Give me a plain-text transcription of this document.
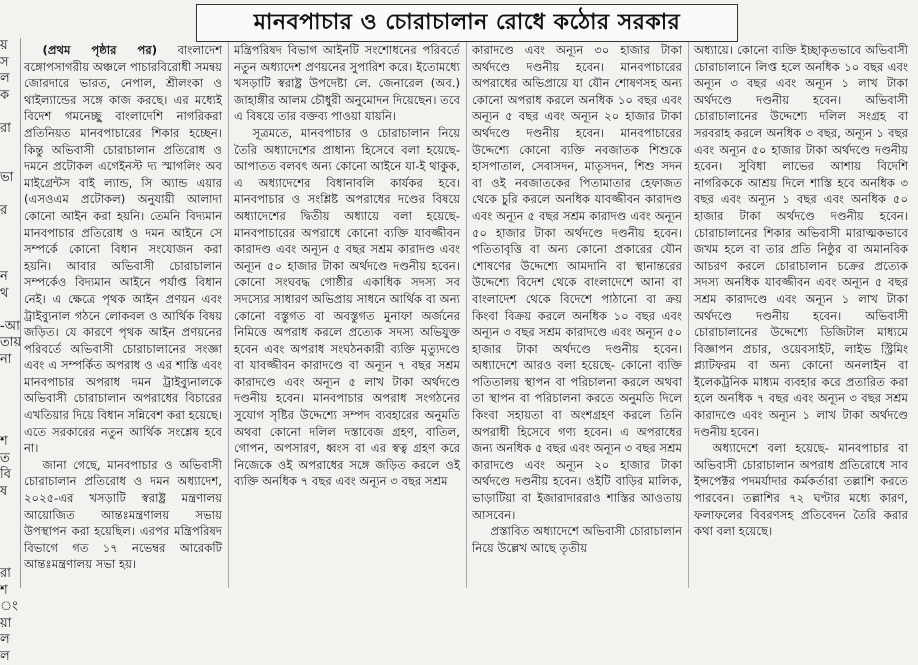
মানবপাচার ও চোরাচালান রোধে কঠোর সরকার
য়
স
ল
ক

রা

ভা

র

ন
থ

-আ
তায়
না

শ
ত
বি
ষ

রা
শ
ং
য়া
ল
ল

(প্রথম পৃষ্ঠার পর) বাংলাদেশ বঙ্গোপসাগরীয় অঞ্চলে পাচারবিরোধী সমন্বয় জোরদারে ভারত, নেপাল, শ্রীলংকা ও থাইল্যান্ডের সঙ্গে কাজ করছে। এর মধ্যেই বিদেশ গমনেচ্ছু বাংলাদেশি নাগরিকরা প্রতিনিয়ত মানবপাচারের শিকার হচ্ছেন। কিন্তু অভিবাসী চোরাচালান প্রতিরোধ ও দমনে প্রটোকল এগেইনস্ট দ্য স্মাগলিং অব মাইগ্রেন্টস বাই ল্যান্ড, সি অ্যান্ড এয়ার (এসওএম প্রটোকল) অনুযায়ী আলাদা কোনো আইন করা হয়নি। তেমনি বিদ্যমান মানবপাচার প্রতিরোধ ও দমন আইনে সে সম্পর্কে কোনো বিধান সংযোজন করা হয়নি। আবার অভিবাসী চোরাচালান সম্পর্কেও বিদ্যমান আইনে পর্যাপ্ত বিধান নেই। এ ক্ষেত্রে পৃথক আইন প্রণয়ন এবং ট্রাইব্যুনাল গঠনে লোকবল ও আর্থিক বিষয় জড়িত। যে কারণে পৃথক আইন প্রণয়নের পরিবর্তে অভিবাসী চোরাচালানের সংজ্ঞা এবং এ সম্পর্কিত অপরাধ ও এর শাস্তি এবং মানবপাচার অপরাধ দমন ট্রাইব্যুনালকে অভিবাসী চোরাচালান অপরাধের বিচারের এখতিয়ার দিয়ে বিধান সন্নিবেশ করা হয়েছে। এতে সরকারের নতুন আর্থিক সংশ্লেষ হবে না।

জানা গেছে, মানবপাচার ও অভিবাসী চোরাচালান প্রতিরোধ ও দমন অধ্যাদেশ, ২০২৫-এর খসড়াটি স্বরাষ্ট্র মন্ত্রণালয় আয়োজিত আন্তঃমন্ত্রণালয় সভায় উপস্থাপন করা হয়েছিল। এরপর মন্ত্রিপরিষদ বিভাগে গত ১৭ নভেম্বর আরেকটি আন্তঃমন্ত্রণালয় সভা হয়।

মন্ত্রিপরিষদ বিভাগ আইনটি সংশোধনের পরিবর্তে নতুন অধ্যাদেশ প্রণয়নের সুপারিশ করে। ইতোমধ্যে খসড়াটি স্বরাষ্ট্র উপদেষ্টা লে. জেনারেল (অব.) জাহাঙ্গীর আলম চৌধুরী অনুমোদন দিয়েছেন। তবে এ বিষয়ে তার বক্তব্য পাওয়া যায়নি।

সূত্রমতে, মানবপাচার ও চোরাচালান নিয়ে তৈরি অধ্যাদেশের প্রাধান্য হিসেবে বলা হয়েছে- আপাতত বলবৎ অন্য কোনো আইনে যা-ই থাকুক, এ অধ্যাদেশের বিধানাবলি কার্যকর হবে। মানবপাচার ও সংশ্লিষ্ট অপরাধের দণ্ডের বিষয়ে অধ্যাদেশের দ্বিতীয় অধ্যায়ে বলা হয়েছে- মানবপাচারের অপরাধে কোনো ব্যক্তি যাবজ্জীবন কারাদণ্ড এবং অন্যূন ৫ বছর সশ্রম কারাদণ্ড এবং অন্যূন ৫০ হাজার টাকা অর্থদণ্ডে দণ্ডনীয় হবেন। কোনো সংঘবদ্ধ গোষ্ঠীর একাধিক সদস্য সব সদস্যের সাধারণ অভিপ্রায় সাধনে আর্থিক বা অন্য কোনো বস্তুগত বা অবস্তুগত মুনাফা অর্জনের নিমিত্তে অপরাধ করলে প্রত্যেক সদস্য অভিযুক্ত হবেন এবং অপরাধ সংঘঠনকারী ব্যক্তি মৃত্যুদণ্ডে বা যাবজ্জীবন কারাদণ্ডে বা অন্যূন ৭ বছর সশ্রম কারাদণ্ডে এবং অন্যূন ৫ লাখ টাকা অর্থদণ্ডে দণ্ডনীয় হবেন। মানবপাচার অপরাধ সংগঠনের সুযোগ সৃষ্টির উদ্দেশ্যে সম্পদ ব্যবহারের অনুমতি অথবা কোনো দলিল দস্তাবেজ গ্রহণ, বাতিল, গোপন, অপসারণ, ধ্বংস বা এর স্বত্ব গ্রহণ করে নিজেকে ওই অপরাধের সঙ্গে জড়িত করলে ওই ব্যক্তি অনধিক ৭ বছর এবং অন্যূন ৩ বছর সশ্রম

কারাদণ্ডে এবং অন্যূন ৩০ হাজার টাকা অর্থদণ্ডে দণ্ডনীয় হবেন। মানবপাচারের অপরাধের অভিপ্রায়ে যা যৌন শোষণসহ অন্য কোনো অপরাধ করলে অনধিক ১০ বছর এবং অন্যূন ৫ বছর এবং অন্যূন ২০ হাজার টাকা অর্থদণ্ডে দণ্ডনীয় হবেন। মানবপাচারের উদ্দেশ্যে কোনো ব্যক্তি নবজাতক শিশুকে হাসপাতাল, সেবাসদন, মাতৃসদন, শিশু সদন বা ওই নবজাতকের পিতামাতার হেফাজত থেকে চুরি করলে অনধিক যাবজ্জীবন কারাদণ্ড এবং অন্যূন ৫ বছর সশ্রম কারাদণ্ড এবং অন্যূন ৫০ হাজার টাকা অর্থদণ্ডে দণ্ডনীয় হবেন। পতিতাবৃত্তি বা অন্য কোনো প্রকারের যৌন শোষণের উদ্দেশ্যে আমদানি বা স্থানান্তরের উদ্দেশ্যে বিদেশ থেকে বাংলাদেশে আনা বা বাংলাদেশ থেকে বিদেশে পাঠানো বা ক্রয় কিংবা বিক্রয় করলে অনধিক ১০ বছর এবং অন্যূন ৩ বছর সশ্রম কারাদণ্ডে এবং অন্যূন ৫০ হাজার টাকা অর্থদণ্ডে দণ্ডনীয় হবেন। অধ্যাদেশে আরও বলা হয়েছে- কোনো ব্যক্তি পতিতালয় স্থাপন বা পরিচালনা করলে অথবা তা স্থাপন বা পরিচালনা করতে অনুমতি দিলে কিংবা সহায়তা বা অংশগ্রহণ করলে তিনি অপরাধী হিসেবে গণ্য হবেন। এ অপরাধের জন্য অনধিক ৫ বছর এবং অন্যূন ৩ বছর সশ্রম কারাদণ্ডে এবং অন্যূন ২০ হাজার টাকা অর্থদণ্ডে দণ্ডনীয় হবেন। ওইটি বাড়ির মালিক, ভাড়াটিয়া বা ইজারাদাররাও শাস্তির আওতায় আসবেন।

প্রস্তাবিত অধ্যাদেশে অভিবাসী চোরাচালান নিয়ে উল্লেখ আছে তৃতীয়

অধ্যায়ে। কোনো ব্যক্তি ইচ্ছাকৃতভাবে অভিবাসী চোরাচালানে লিপ্ত হলে অনধিক ১০ বছর এবং অন্যূন ৩ বছর এবং অন্যূন ১ লাখ টাকা অর্থদণ্ডে দণ্ডনীয় হবেন। অভিবাসী চোরাচালানের উদ্দেশ্যে দলিল সংগ্রহ বা সরবরাহ করলে অনধিক ৩ বছর, অন্যূন ১ বছর এবং অন্যূন ৫০ হাজার টাকা অর্থদণ্ডে দণ্ডনীয় হবেন। সুবিধা লাভের আশায় বিদেশি নাগরিককে আশ্রয় দিলে শাস্তি হবে অনধিক ৩ বছর এবং অন্যূন ১ বছর এবং অনধিক ৫০ হাজার টাকা অর্থদণ্ডে দণ্ডনীয় হবেন। চোরাচালানের শিকার অভিবাসী মারাত্মকভাবে জখম হলে বা তার প্রতি নিষ্ঠুর বা অমানবিক আচরণ করলে চোরাচালান চক্রের প্রত্যেক সদস্য অনধিক যাবজ্জীবন এবং অন্যূন ৫ বছর সশ্রম কারাদণ্ডে এবং অন্যূন ১ লাখ টাকা অর্থদণ্ডে দণ্ডনীয় হবেন। অভিবাসী চোরাচালানের উদ্দেশ্যে ডিজিটাল মাধ্যমে বিজ্ঞাপন প্রচার, ওয়েবসাইট, লাইভ স্ট্রিমিং প্ল্যাটফরম বা অন্য কোনো অনলাইন বা ইলেকট্রনিক মাধ্যম ব্যবহার করে প্রতারিত করা হলে অনধিক ৭ বছর এবং অন্যূন ৩ বছর সশ্রম কারাদণ্ডে এবং অন্যূন ১ লাখ টাকা অর্থদণ্ডে দণ্ডনীয় হবেন।

অধ্যাদেশে বলা হয়েছে- মানবপাচার বা অভিবাসী চোরাচালান অপরাধ প্রতিরোধে সাব ইন্সপেক্টর পদমর্যাদার কর্মকর্তারা তল্লাশি করতে পারবেন। তল্লাশির ৭২ ঘণ্টার মধ্যে কারণ, ফলাফলের বিবরণসহ প্রতিবেদন তৈরি করার কথা বলা হয়েছে।
